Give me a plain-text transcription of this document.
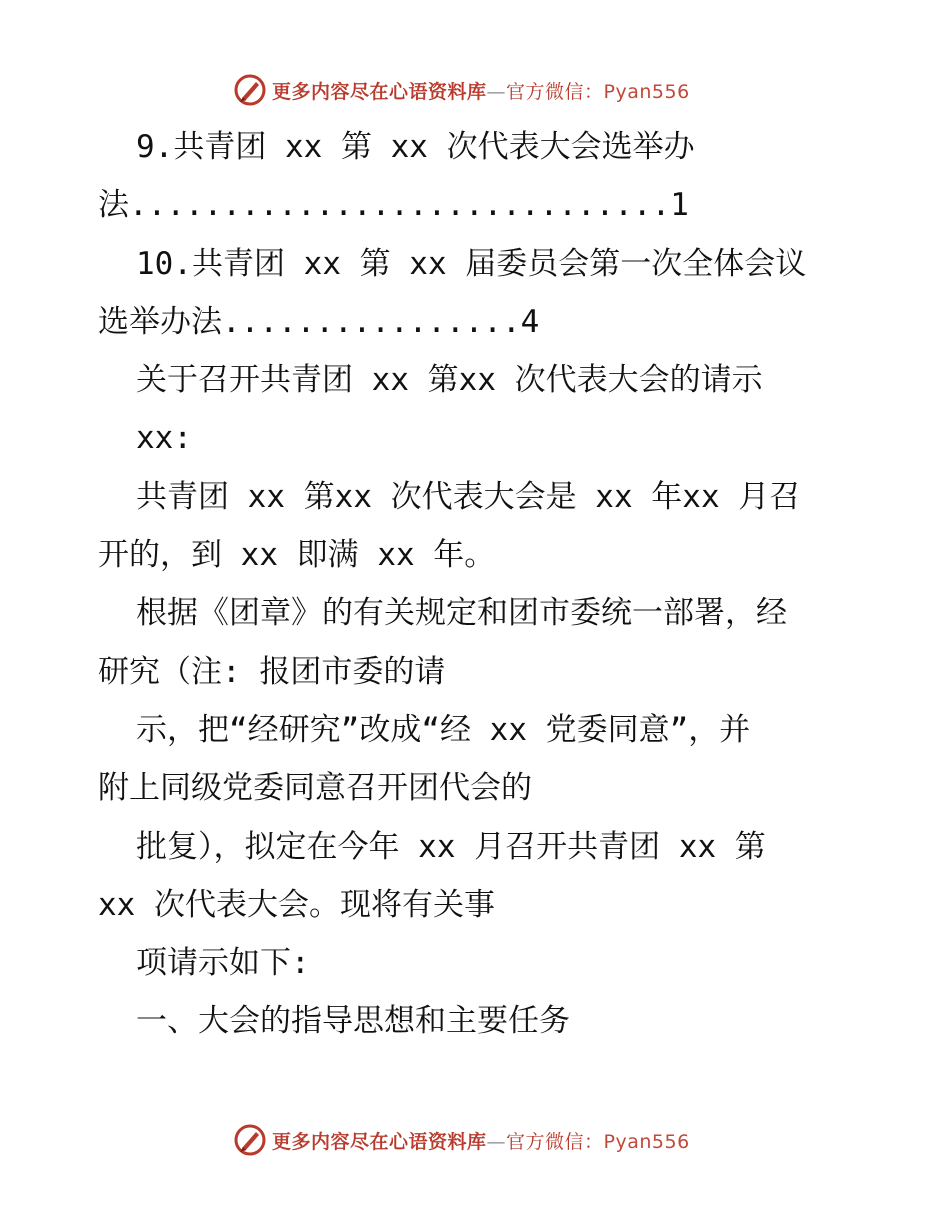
更多内容尽在心语资料库—官方微信：Pyan556
9.共青团 xx 第 xx 次代表大会选举办
法.............................1
10.共青团 xx 第 xx 届委员会第一次全体会议
选举办法................4
关于召开共青团 xx 第xx 次代表大会的请示
xx:
共青团 xx 第xx 次代表大会是 xx 年xx 月召
开的，到 xx 即满 xx 年。
根据《团章》的有关规定和团市委统一部署，经
研究（注: 报团市委的请
示，把“经研究”改成“经 xx 党委同意”，并
附上同级党委同意召开团代会的
批复），拟定在今年 xx 月召开共青团 xx 第
xx 次代表大会。现将有关事
项请示如下:
一、大会的指导思想和主要任务
更多内容尽在心语资料库—官方微信：Pyan556
